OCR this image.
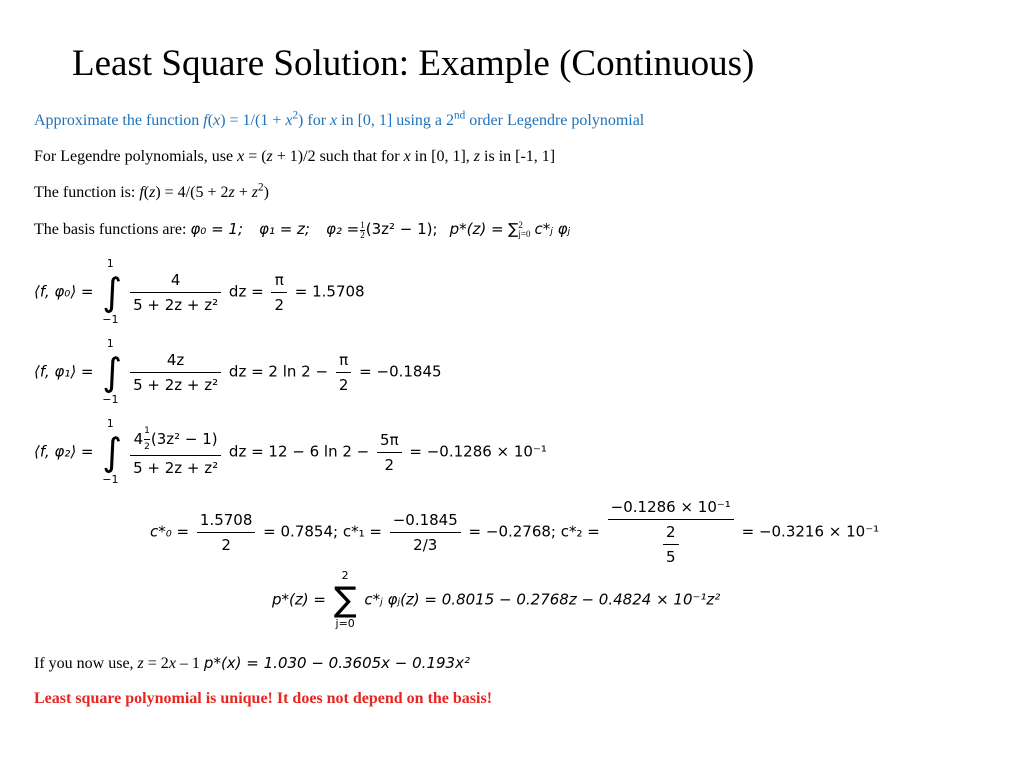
Least Square Solution: Example (Continuous)
Approximate the function $f(x) = 1/(1 + x^2)$ for x in [0, 1] using a 2nd order Legendre polynomial
For Legendre polynomials, use x = (z + 1)/2 such that for x in [0, 1], z is in [-1, 1]
The function is: $f(z) = 4/(5 + 2z + z^2)$
The basis functions are: φ₀ = 1; φ₁ = z; $\varphi_2 = \frac{1}{2} (3z^2 - 1)$; p*(z) = ∑ 2
j=0 c*ⱼ φⱼ
⟨f, φ₀⟩ =
1
∫
−1

$\frac{4}{\text{5 + 2z + z²}}$ dz = $\frac{\pi}{2} = 1.5708$
⟨f, φ₁⟩ =
1
∫
−1

$\frac{4z}{\text{5 + 2z + z²}}$ dz = 2 $\ln 2 - \frac{\pi}{2} = -0.1845$
⟨f, φ₂⟩ =
1
∫
−1

$\frac{4 \frac{1}{2} (3z^2 - 1)}{\text{5 + 2z + z²}}$ dz = 12 − 6 $\ln 2 - \frac{5\pi}{2} = -0.1286 \times 10^{-1}$
$c*_0 = \frac{1.5708}{2} = 0.7854$; $c*_1 = \frac{-0.1845}{2/3} = -0.2768$; $c*_2 = \frac{\text{−0.1286 × 10⁻¹}}{\frac{2}{5}} = -0.3216 \times 10^{-1}$
p*(z) =
2
∑
j=0
c*ⱼ φⱼ(z) = 0.8015 − 0.2768z − 0.4824 × 10⁻¹z²
If you now use, z = 2x – 1 p*(x) = 1.030 − 0.3605x − 0.193x²
Least square polynomial is unique! It does not depend on the basis!
